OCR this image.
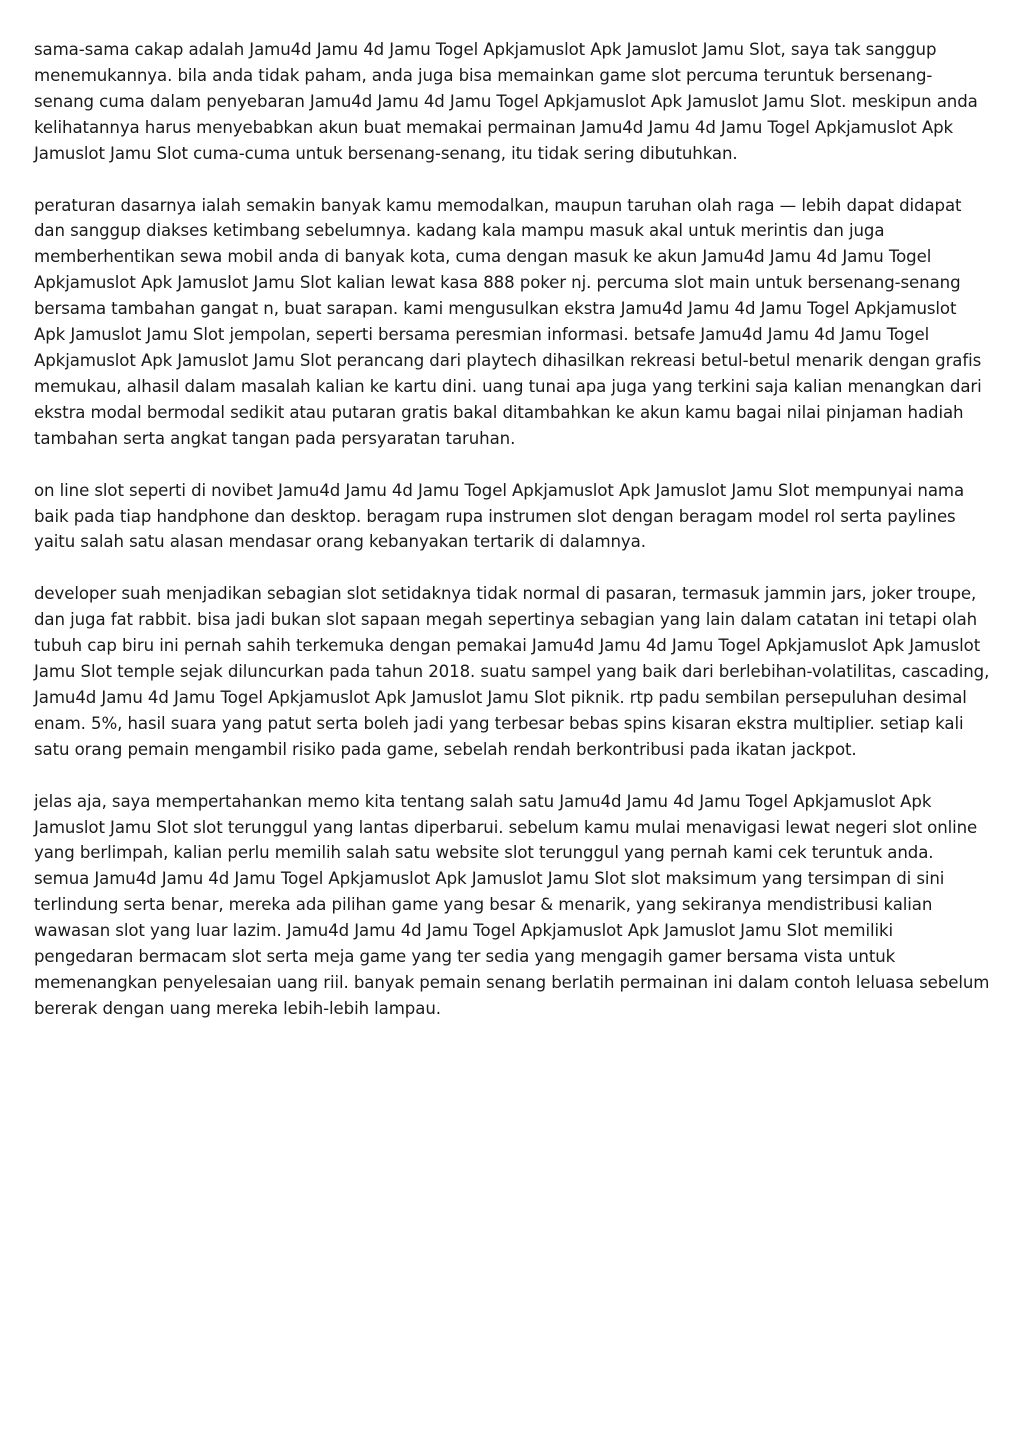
sama-sama cakap adalah Jamu4d Jamu 4d Jamu Togel Apkjamuslot Apk Jamuslot Jamu Slot, saya tak sanggup menemukannya. bila anda tidak paham, anda juga bisa memainkan game slot percuma teruntuk bersenang-senang cuma dalam penyebaran Jamu4d Jamu 4d Jamu Togel Apkjamuslot Apk Jamuslot Jamu Slot. meskipun anda kelihatannya harus menyebabkan akun buat memakai permainan Jamu4d Jamu 4d Jamu Togel Apkjamuslot Apk Jamuslot Jamu Slot cuma-cuma untuk bersenang-senang, itu tidak sering dibutuhkan.

peraturan dasarnya ialah semakin banyak kamu memodalkan, maupun taruhan olah raga — lebih dapat didapat dan sanggup diakses ketimbang sebelumnya. kadang kala mampu masuk akal untuk merintis dan juga memberhentikan sewa mobil anda di banyak kota, cuma dengan masuk ke akun Jamu4d Jamu 4d Jamu Togel Apkjamuslot Apk Jamuslot Jamu Slot kalian lewat kasa 888 poker nj. percuma slot main untuk bersenang-senang bersama tambahan gangat n, buat sarapan. kami mengusulkan ekstra Jamu4d Jamu 4d Jamu Togel Apkjamuslot Apk Jamuslot Jamu Slot jempolan, seperti bersama peresmian informasi. betsafe Jamu4d Jamu 4d Jamu Togel Apkjamuslot Apk Jamuslot Jamu Slot perancang dari playtech dihasilkan rekreasi betul-betul menarik dengan grafis memukau, alhasil dalam masalah kalian ke kartu dini. uang tunai apa juga yang terkini saja kalian menangkan dari ekstra modal bermodal sedikit atau putaran gratis bakal ditambahkan ke akun kamu bagai nilai pinjaman hadiah tambahan serta angkat tangan pada persyaratan taruhan.

on line slot seperti di novibet Jamu4d Jamu 4d Jamu Togel Apkjamuslot Apk Jamuslot Jamu Slot mempunyai nama baik pada tiap handphone dan desktop. beragam rupa instrumen slot dengan beragam model rol serta paylines yaitu salah satu alasan mendasar orang kebanyakan tertarik di dalamnya.

developer suah menjadikan sebagian slot setidaknya tidak normal di pasaran, termasuk jammin jars, joker troupe, dan juga fat rabbit. bisa jadi bukan slot sapaan megah sepertinya sebagian yang lain dalam catatan ini tetapi olah tubuh cap biru ini pernah sahih terkemuka dengan pemakai Jamu4d Jamu 4d Jamu Togel Apkjamuslot Apk Jamuslot Jamu Slot temple sejak diluncurkan pada tahun 2018. suatu sampel yang baik dari berlebihan-volatilitas, cascading, Jamu4d Jamu 4d Jamu Togel Apkjamuslot Apk Jamuslot Jamu Slot piknik. rtp padu sembilan persepuluhan desimal enam. 5%, hasil suara yang patut serta boleh jadi yang terbesar bebas spins kisaran ekstra multiplier. setiap kali satu orang pemain mengambil risiko pada game, sebelah rendah berkontribusi pada ikatan jackpot.

jelas aja, saya mempertahankan memo kita tentang salah satu Jamu4d Jamu 4d Jamu Togel Apkjamuslot Apk Jamuslot Jamu Slot slot terunggul yang lantas diperbarui. sebelum kamu mulai menavigasi lewat negeri slot online yang berlimpah, kalian perlu memilih salah satu website slot terunggul yang pernah kami cek teruntuk anda. semua Jamu4d Jamu 4d Jamu Togel Apkjamuslot Apk Jamuslot Jamu Slot slot maksimum yang tersimpan di sini terlindung serta benar, mereka ada pilihan game yang besar & menarik, yang sekiranya mendistribusi kalian wawasan slot yang luar lazim. Jamu4d Jamu 4d Jamu Togel Apkjamuslot Apk Jamuslot Jamu Slot memiliki pengedaran bermacam slot serta meja game yang ter sedia yang mengagih gamer bersama vista untuk memenangkan penyelesaian uang riil. banyak pemain senang berlatih permainan ini dalam contoh leluasa sebelum bererak dengan uang mereka lebih-lebih lampau.
